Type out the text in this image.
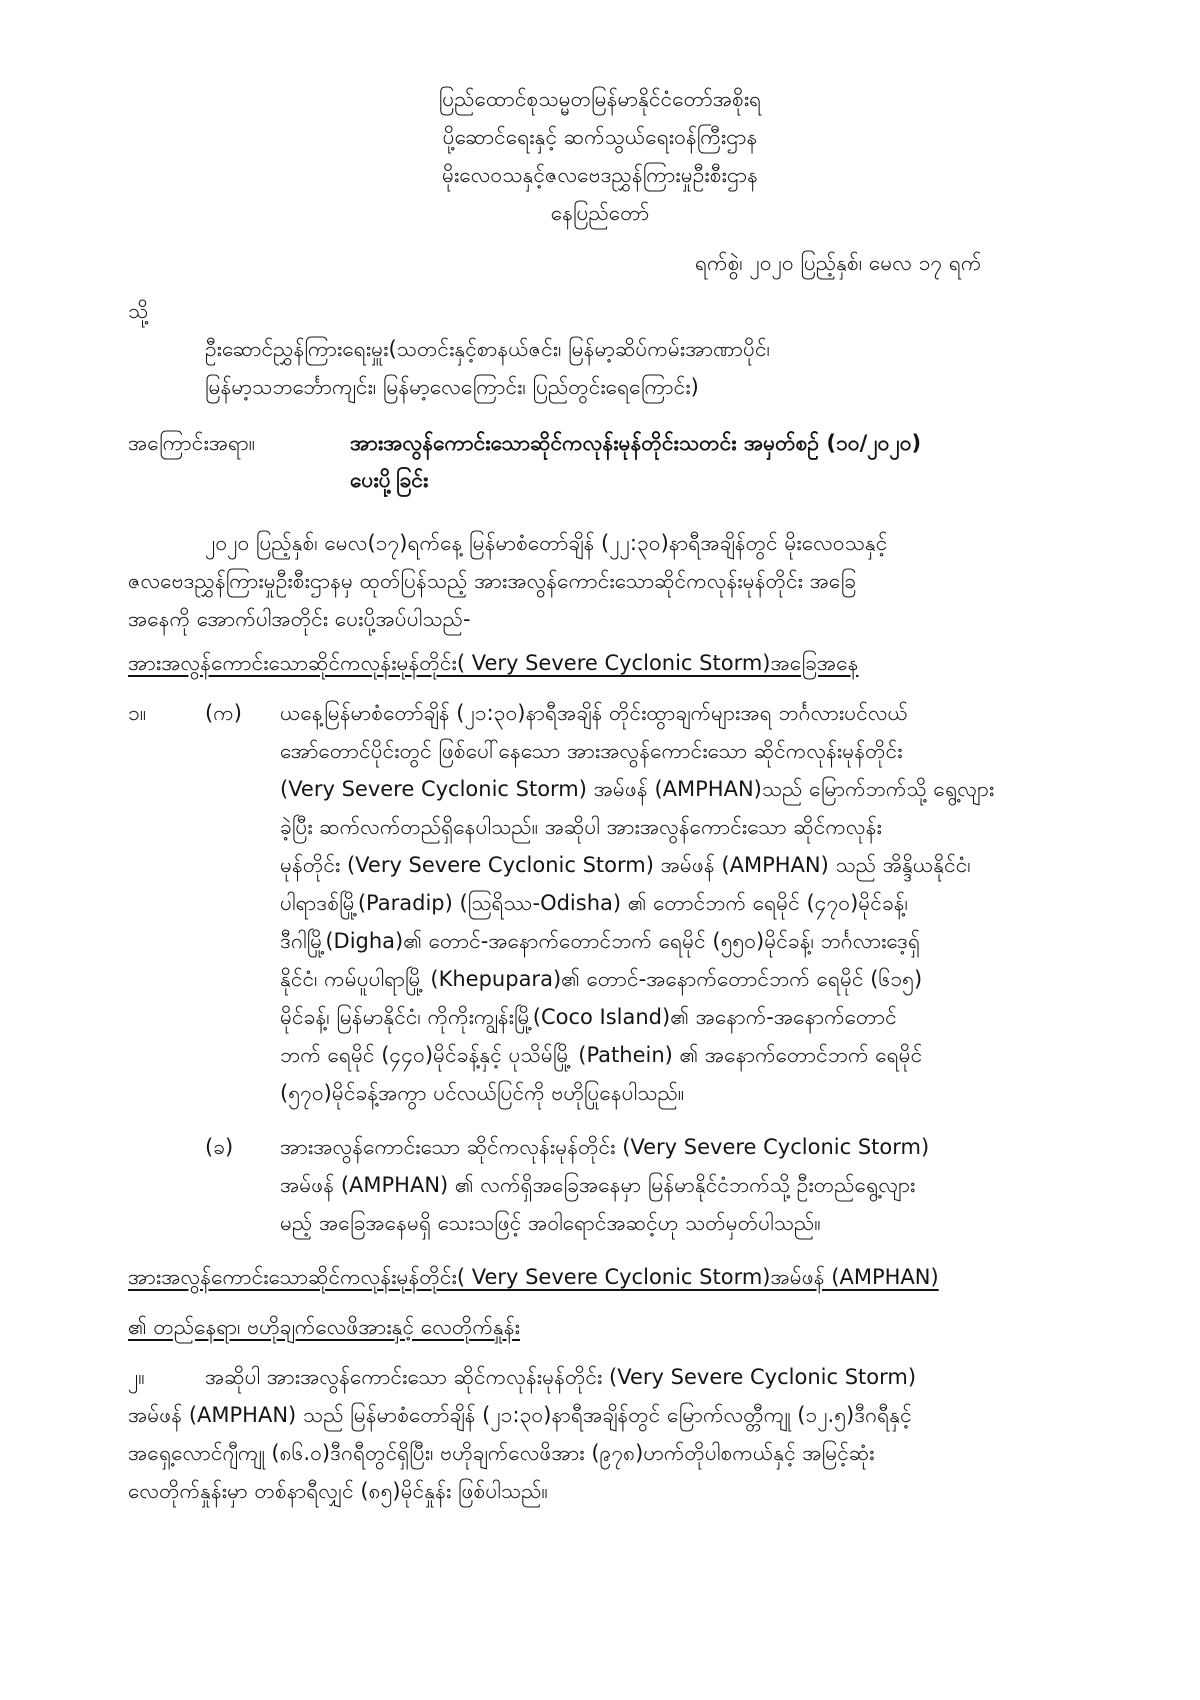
ပြည်ထောင်စုသမ္မတမြန်မာနိုင်ငံတော်အစိုးရ
ပို့ဆောင်ရေးနှင့် ဆက်သွယ်ရေးဝန်ကြီးဌာန
မိုးလေဝသနှင့်ဇလဗေဒညွှန်ကြားမှုဦးစီးဌာန
နေပြည်တော်
ရက်စွဲ၊ ၂၀၂၀ ပြည့်နှစ်၊ မေလ ၁၇ ရက်
သို့
ဦးဆောင်ညွှန်ကြားရေးမှူး(သတင်းနှင့်စာနယ်ဇင်း၊ မြန်မာ့ဆိပ်ကမ်းအာဏာပိုင်၊
မြန်မာ့သဘင်္ဘောကျင်း၊ မြန်မာ့လေကြောင်း၊ ပြည်တွင်းရေကြောင်း)
အကြောင်းအရာ။	အားအလွန်ကောင်းသောဆိုင်ကလုန်းမုန်တိုင်းသတင်း အမှတ်စဉ် (၁၀/၂၀၂၀)
ပေးပို့ခြင်း
၂၀၂၀ ပြည့်နှစ်၊ မေလ(၁၇)ရက်နေ့ မြန်မာစံတော်ချိန် (၂၂:၃၀)နာရီအချိန်တွင် မိုးလေဝသနှင့်
ဇလဗေဒညွှန်ကြားမှုဦးစီးဌာနမှ ထုတ်ပြန်သည့် အားအလွန်ကောင်းသောဆိုင်ကလုန်းမုန်တိုင်း အခြေ
အနေကို အောက်ပါအတိုင်း ပေးပို့အပ်ပါသည်-
အားအလွန်ကောင်းသောဆိုင်ကလုန်းမုန်တိုင်း( Very Severe Cyclonic Storm)အခြေအနေ
၁။	(က) ယနေ့မြန်မာစံတော်ချိန် (၂၁:၃၀)နာရီအချိန် တိုင်းထွာချက်များအရ ဘင်္ဂလားပင်လယ်
အော်တောင်ပိုင်းတွင် ဖြစ်ပေါ်နေသော အားအလွန်ကောင်းသော ဆိုင်ကလုန်းမုန်တိုင်း
(Very Severe Cyclonic Storm) အမ်ဖန် (AMPHAN)သည် မြောက်ဘက်သို့ ရွေ့လျား
ခဲ့ပြီး ဆက်လက်တည်ရှိနေပါသည်။ အဆိုပါ အားအလွန်ကောင်းသော ဆိုင်ကလုန်း
မုန်တိုင်း (Very Severe Cyclonic Storm) အမ်ဖန် (AMPHAN) သည် အိန္ဒိယနိုင်ငံ၊
ပါရာဒစ်မြို့(Paradip) (ဩရိဿ-Odisha) ၏ တောင်ဘက် ရေမိုင် (၄၇၀)မိုင်ခန့်၊
ဒီဂါမြို့(Digha)၏ တောင်-အနောက်တောင်ဘက် ရေမိုင် (၅၅၀)မိုင်ခန့်၊ ဘင်္ဂလားဒေ့ရှ်
နိုင်ငံ၊ ကမ်ပူပါရာမြို့ (Khepupara)၏ တောင်-အနောက်တောင်ဘက် ရေမိုင် (၆၁၅)
မိုင်ခန့်၊ မြန်မာနိုင်ငံ၊ ကိုကိုးကျွန်းမြို့(Coco Island)၏ အနောက်-အနောက်တောင်
ဘက် ရေမိုင် (၄၄၀)မိုင်ခန့်နှင့် ပုသိမ်မြို့ (Pathein) ၏ အနောက်တောင်ဘက် ရေမိုင်
(၅၇၀)မိုင်ခန့်အကွာ ပင်လယ်ပြင်ကို ဗဟိုပြုနေပါသည်။
(ခ) အားအလွန်ကောင်းသော ဆိုင်ကလုန်းမုန်တိုင်း (Very Severe Cyclonic Storm)
အမ်ဖန် (AMPHAN) ၏ လက်ရှိအခြေအနေမှာ မြန်မာနိုင်ငံဘက်သို့ ဦးတည်ရွေ့လျား
မည့် အခြေအနေမရှိ သေးသဖြင့် အဝါရောင်အဆင့်ဟု သတ်မှတ်ပါသည်။
အားအလွန်ကောင်းသောဆိုင်ကလုန်းမုန်တိုင်း( Very Severe Cyclonic Storm)အမ်ဖန် (AMPHAN)
၏ တည်နေရာ၊ ဗဟိုချက်လေဖိအားနှင့် လေတိုက်နှုန်း
၂။	အဆိုပါ အားအလွန်ကောင်းသော ဆိုင်ကလုန်းမုန်တိုင်း (Very Severe Cyclonic Storm)
အမ်ဖန် (AMPHAN) သည် မြန်မာစံတော်ချိန် (၂၁:၃၀)နာရီအချိန်တွင် မြောက်လတ္တီကျု (၁၂.၅)ဒီဂရီနှင့်
အရှေ့လောင်ဂျီကျု (၈၆.၀)ဒီဂရီတွင်ရှိပြီး၊ ဗဟိုချက်လေဖိအား (၉၇၈)ဟက်တိုပါစကယ်နှင့် အမြင့်ဆုံး
လေတိုက်နှုန်းမှာ တစ်နာရီလျှင် (၈၅)မိုင်နှုန်း ဖြစ်ပါသည်။
